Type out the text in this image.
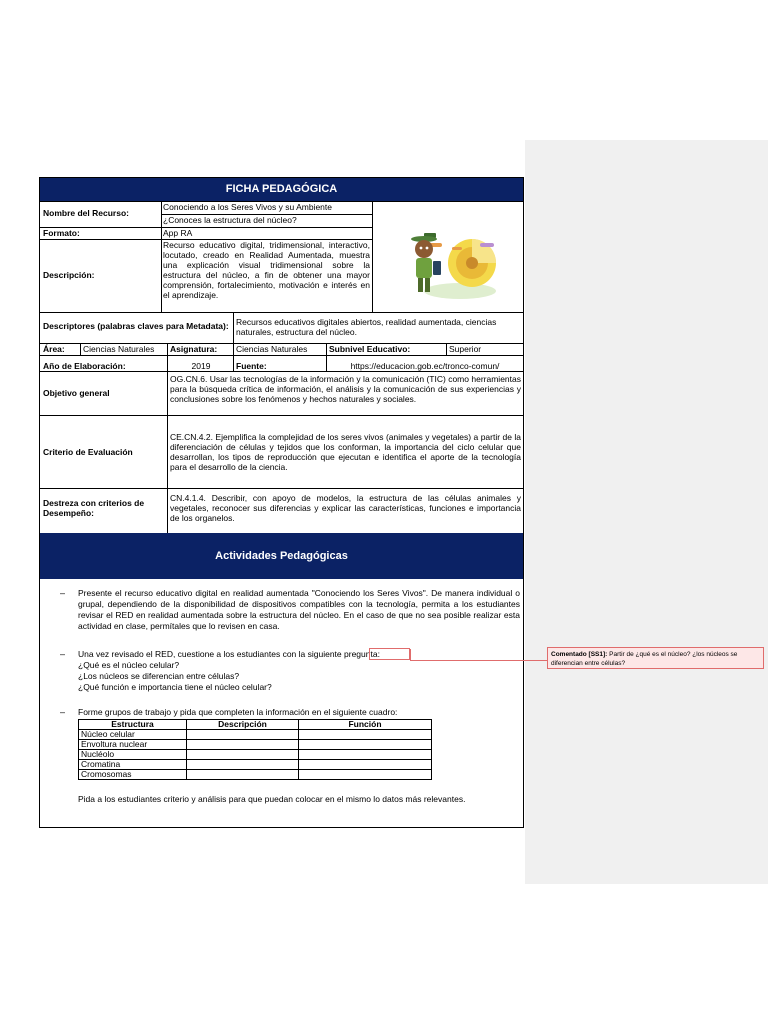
FICHA PEDAGÓGICA
Nombre del Recurso:
Conociendo a los Seres Vivos y su Ambiente
¿Conoces la estructura del núcleo?
Formato:	App RA
Descripción:
Recurso educativo digital, tridimensional, interactivo, locutado, creado en Realidad Aumentada, muestra una explicación visual tridimensional sobre la estructura del núcleo, a fin de obtener una mayor comprensión, fortalecimiento, motivación e interés en el aprendizaje.
Descriptores (palabras claves para Metadata): Recursos educativos digitales abiertos, realidad aumentada, ciencias naturales, estructura del núcleo.
Área:	Ciencias Naturales	Asignatura:	Ciencias Naturales	Subnivel Educativo:	Superior
Año de Elaboración:	2019	Fuente:	https://educacion.gob.ec/tronco-comun/
Objetivo general
OG.CN.6. Usar las tecnologías de la información y la comunicación (TIC) como herramientas para la búsqueda crítica de información, el análisis y la comunicación de sus experiencias y conclusiones sobre los fenómenos y hechos naturales y sociales.
Criterio de Evaluación
CE.CN.4.2. Ejemplifica la complejidad de los seres vivos (animales y vegetales) a partir de la diferenciación de células y tejidos que los conforman, la importancia del ciclo celular que desarrollan, los tipos de reproducción que ejecutan e identifica el aporte de la tecnología para el desarrollo de la ciencia.
Destreza con criterios de Desempeño:
CN.4.1.4. Describir, con apoyo de modelos, la estructura de las células animales y vegetales, reconocer sus diferencias y explicar las características, funciones e importancia de los organelos.
Actividades Pedagógicas
– Presente el recurso educativo digital en realidad aumentada "Conociendo los Seres Vivos". De manera individual o grupal, dependiendo de la disponibilidad de dispositivos compatibles con la tecnología, permita a los estudiantes revisar el RED en realidad aumentada sobre la estructura del núcleo. En el caso de que no sea posible realizar esta actividad en clase, permítales que lo revisen en casa.
– Una vez revisado el RED, cuestione a los estudiantes con la siguiente pregunta:
¿Qué es el núcleo celular?
¿Los núcleos se diferencian entre células?
¿Qué función e importancia tiene el núcleo celular?
– Forme grupos de trabajo y pida que completen la información en el siguiente cuadro:
Estructura	Descripción	Función
Núcleo celular		
Envoltura nuclear		
Nucléolo		
Cromatina		
Cromosomas		
Pida a los estudiantes criterio y análisis para que puedan colocar en el mismo lo datos más relevantes.
Comentado [SS1]: Partir de ¿qué es el núcleo? ¿los núcleos se diferencian entre células?
